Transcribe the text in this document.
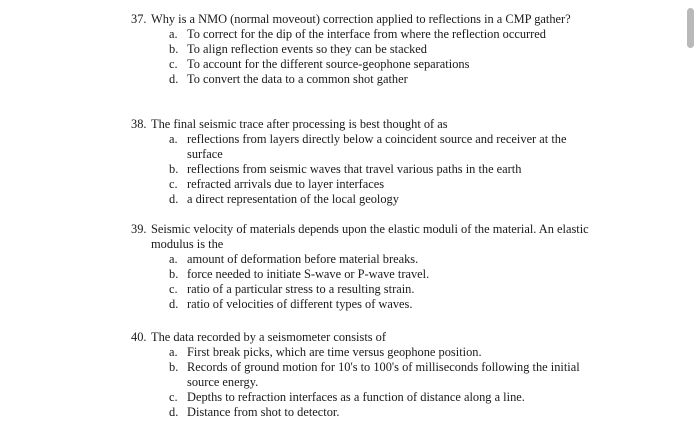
37. Why is a NMO (normal moveout) correction applied to reflections in a CMP gather?
a. To correct for the dip of the interface from where the reflection occurred
b. To align reflection events so they can be stacked
c. To account for the different source-geophone separations
d. To convert the data to a common shot gather
38. The final seismic trace after processing is best thought of as
a. reflections from layers directly below a coincident source and receiver at the surface
b. reflections from seismic waves that travel various paths in the earth
c. refracted arrivals due to layer interfaces
d. a direct representation of the local geology
39. Seismic velocity of materials depends upon the elastic moduli of the material. An elastic modulus is the
a. amount of deformation before material breaks.
b. force needed to initiate S-wave or P-wave travel.
c. ratio of a particular stress to a resulting strain.
d. ratio of velocities of different types of waves.
40. The data recorded by a seismometer consists of
a. First break picks, which are time versus geophone position.
b. Records of ground motion for 10's to 100's of milliseconds following the initial source energy.
c. Depths to refraction interfaces as a function of distance along a line.
d. Distance from shot to detector.
